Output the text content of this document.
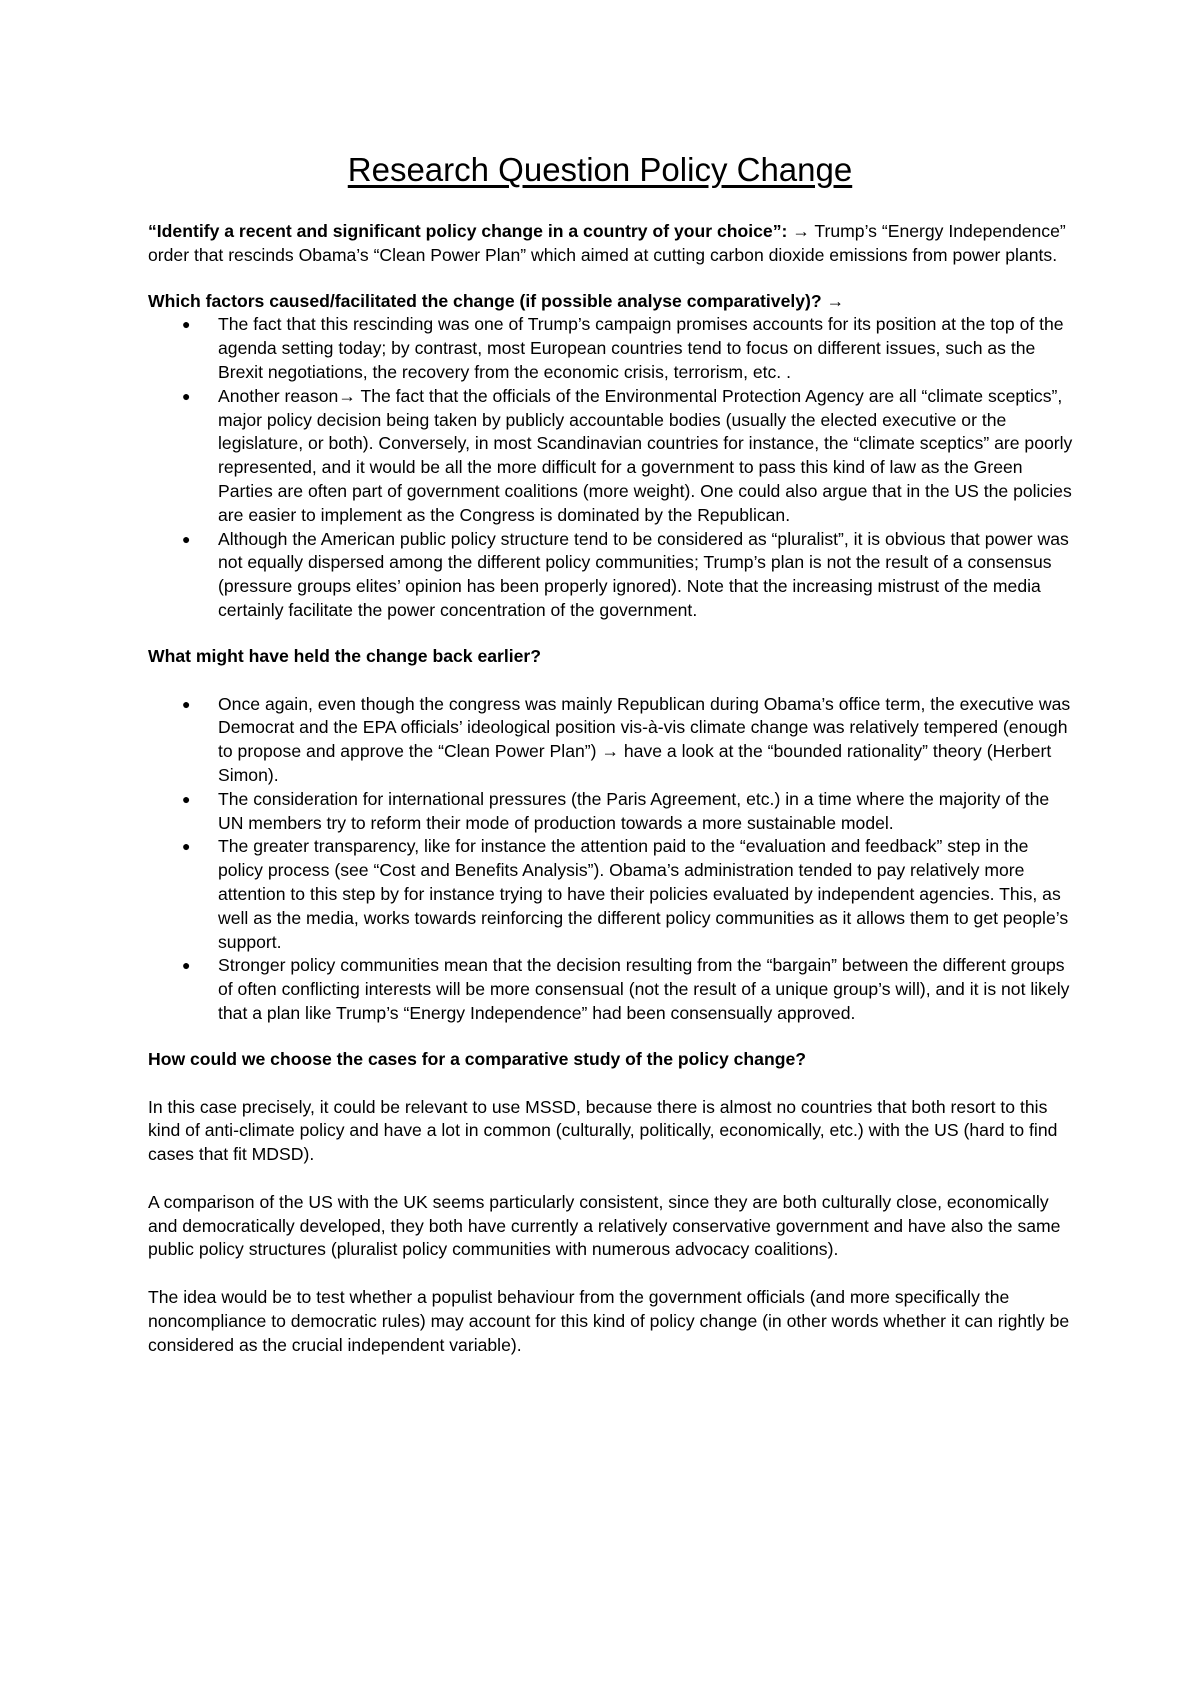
Research Question Policy Change

“Identify a recent and significant policy change in a country of your choice”: → Trump’s “Energy Independence” order that rescinds Obama’s “Clean Power Plan” which aimed at cutting carbon dioxide emissions from power plants.

Which factors caused/facilitated the change (if possible analyse comparatively)? →

● The fact that this rescinding was one of Trump’s campaign promises accounts for its position at the top of the agenda setting today; by contrast, most European countries tend to focus on different issues, such as the Brexit negotiations, the recovery from the economic crisis, terrorism, etc. .
● Another reason→ The fact that the officials of the Environmental Protection Agency are all “climate sceptics”, major policy decision being taken by publicly accountable bodies (usually the elected executive or the legislature, or both). Conversely, in most Scandinavian countries for instance, the “climate sceptics” are poorly represented, and it would be all the more difficult for a government to pass this kind of law as the Green Parties are often part of government coalitions (more weight). One could also argue that in the US the policies are easier to implement as the Congress is dominated by the Republican.
● Although the American public policy structure tend to be considered as “pluralist”, it is obvious that power was not equally dispersed among the different policy communities; Trump’s plan is not the result of a consensus (pressure groups elites’ opinion has been properly ignored). Note that the increasing mistrust of the media certainly facilitate the power concentration of the government.

What might have held the change back earlier?

● Once again, even though the congress was mainly Republican during Obama’s office term, the executive was Democrat and the EPA officials’ ideological position vis-à-vis climate change was relatively tempered (enough to propose and approve the “Clean Power Plan”) → have a look at the “bounded rationality” theory (Herbert Simon).
● The consideration for international pressures (the Paris Agreement, etc.) in a time where the majority of the UN members try to reform their mode of production towards a more sustainable model.
● The greater transparency, like for instance the attention paid to the “evaluation and feedback” step in the policy process (see “Cost and Benefits Analysis”). Obama’s administration tended to pay relatively more attention to this step by for instance trying to have their policies evaluated by independent agencies. This, as well as the media, works towards reinforcing the different policy communities as it allows them to get people’s support.
● Stronger policy communities mean that the decision resulting from the “bargain” between the different groups of often conflicting interests will be more consensual (not the result of a unique group’s will), and it is not likely that a plan like Trump’s “Energy Independence” had been consensually approved.

How could we choose the cases for a comparative study of the policy change?

In this case precisely, it could be relevant to use MSSD, because there is almost no countries that both resort to this kind of anti-climate policy and have a lot in common (culturally, politically, economically, etc.) with the US (hard to find cases that fit MDSD).

A comparison of the US with the UK seems particularly consistent, since they are both culturally close, economically and democratically developed, they both have currently a relatively conservative government and have also the same public policy structures (pluralist policy communities with numerous advocacy coalitions).

The idea would be to test whether a populist behaviour from the government officials (and more specifically the noncompliance to democratic rules) may account for this kind of policy change (in other words whether it can rightly be considered as the crucial independent variable).
